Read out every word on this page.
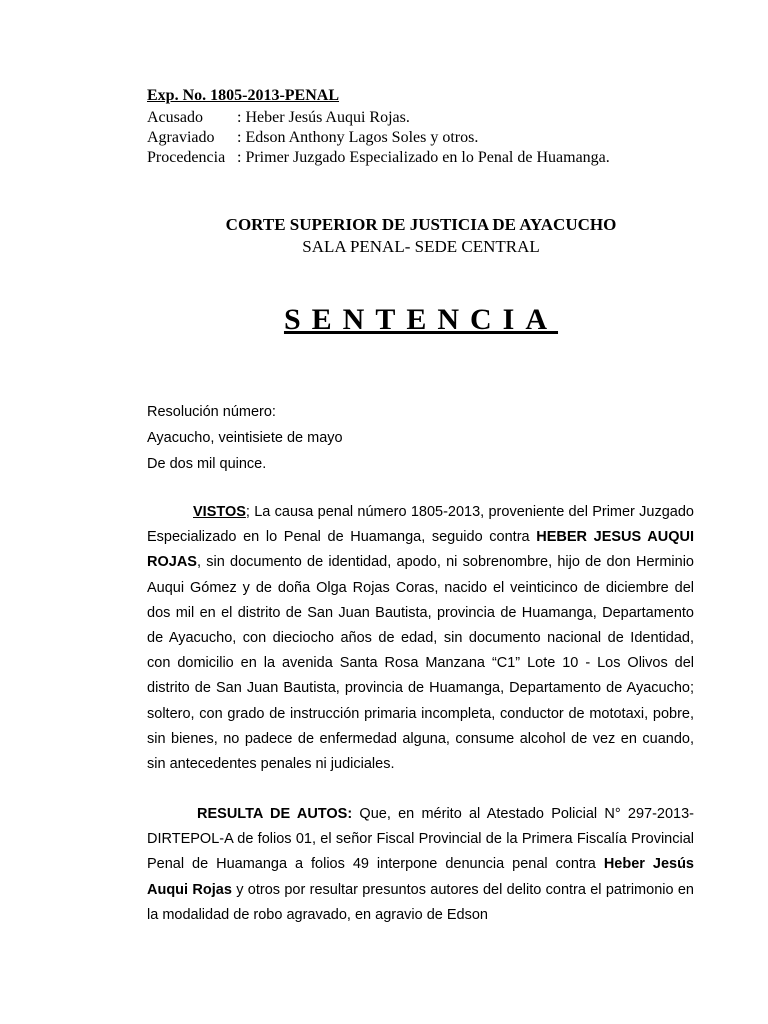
Exp. No. 1805-2013-PENAL
Acusado : Heber Jesús Auqui Rojas.
Agraviado : Edson Anthony Lagos Soles y otros.
Procedencia : Primer Juzgado Especializado en lo Penal de Huamanga.
CORTE SUPERIOR DE JUSTICIA DE AYACUCHO
SALA PENAL- SEDE CENTRAL
SENTENCIA
Resolución número:
Ayacucho, veintisiete de mayo
De dos mil quince.
VISTOS; La causa penal número 1805-2013, proveniente del Primer Juzgado Especializado en lo Penal de Huamanga, seguido contra HEBER JESUS AUQUI ROJAS, sin documento de identidad, apodo, ni sobrenombre, hijo de don Herminio Auqui Gómez y de doña Olga Rojas Coras, nacido el veinticinco de diciembre del dos mil en el distrito de San Juan Bautista, provincia de Huamanga, Departamento de Ayacucho, con dieciocho años de edad, sin documento nacional de Identidad, con domicilio en la avenida Santa Rosa Manzana “C1” Lote 10 - Los Olivos del distrito de San Juan Bautista, provincia de Huamanga, Departamento de Ayacucho; soltero, con grado de instrucción primaria incompleta, conductor de mototaxi, pobre, sin bienes, no padece de enfermedad alguna, consume alcohol de vez en cuando, sin antecedentes penales ni judiciales.
RESULTA DE AUTOS: Que, en mérito al Atestado Policial N° 297-2013-DIRTEPOL-A de folios 01, el señor Fiscal Provincial de la Primera Fiscalía Provincial Penal de Huamanga a folios 49 interpone denuncia penal contra Heber Jesús Auqui Rojas y otros por resultar presuntos autores del delito contra el patrimonio en la modalidad de robo agravado, en agravio de Edson
